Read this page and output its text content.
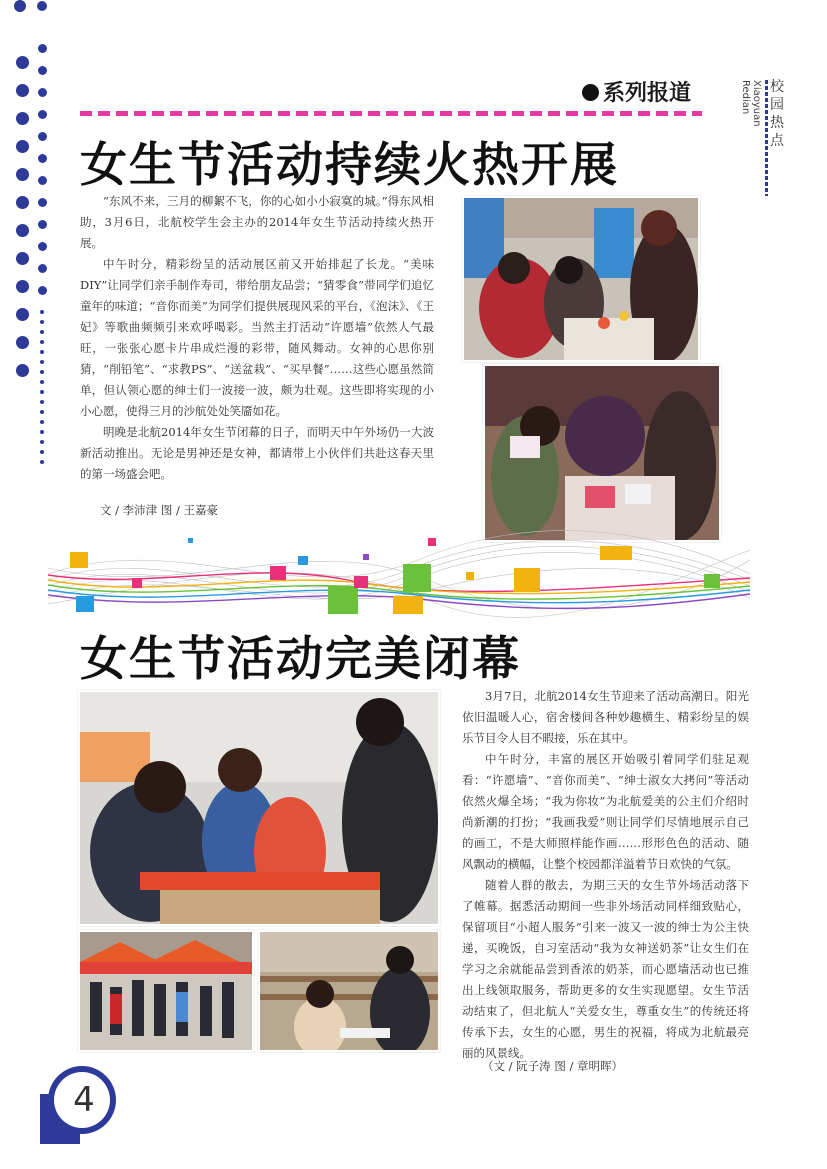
系列报道	Xiaoyuan Redian	校园热点
女生节活动持续火热开展

“东风不来，三月的柳絮不飞，你的心如小小寂寞的城。”得东风相助，3月6日，北航校学生会主办的2014年女生节活动持续火热开展。

中午时分，精彩纷呈的活动展区前又开始排起了长龙。“美味DIY”让同学们亲手制作寿司，带给朋友品尝；“猜零食”带同学们追忆童年的味道；“音你而美”为同学们提供展现风采的平台，《泡沫》、《王妃》等歌曲频频引来欢呼喝彩。当然主打活动“许愿墙”依然人气最旺，一张张心愿卡片串成烂漫的彩带，随风舞动。女神的心思你别猜，“削铅笔”、“求教PS”、“送盆栽”、“买早餐”……这些心愿虽然简单，但认领心愿的绅士们一波接一波，颇为壮观。这些即将实现的小小心愿，使得三月的沙航处处笑靥如花。

明晚是北航2014年女生节闭幕的日子，而明天中午外场仍一大波新活动推出。无论是男神还是女神，都请带上小伙伴们共赴这春天里的第一场盛会吧。

文 / 李沛津 图 / 王嘉豪
女生节活动完美闭幕

3月7日，北航2014女生节迎来了活动高潮日。阳光依旧温暖人心，宿舍楼间各种妙趣横生、精彩纷呈的娱乐节目令人目不暇接，乐在其中。

中午时分，丰富的展区开始吸引着同学们驻足观看：“许愿墙”、“音你而美”、“绅士淑女大拷问”等活动依然火爆全场；“我为你妆”为北航爱美的公主们介绍时尚新潮的打扮；“我画我爱”则让同学们尽情地展示自己的画工，不是大师照样能作画……形形色色的活动、随风飘动的横幅，让整个校园都洋溢着节日欢快的气氛。

随着人群的散去，为期三天的女生节外场活动落下了帷幕。据悉活动期间一些非外场活动同样细致贴心，保留项目“小超人服务”引来一波又一波的绅士为公主快递，买晚饭，自习室活动“我为女神送奶茶”让女生们在学习之余就能品尝到香浓的奶茶，而心愿墙活动也已推出上线领取服务，帮助更多的女生实现愿望。女生节活动结束了，但北航人“关爱女生，尊重女生”的传统还将传承下去，女生的心愿，男生的祝福，将成为北航最亮丽的风景线。

（文 / 阮子涛 图 / 章明晖）
4
